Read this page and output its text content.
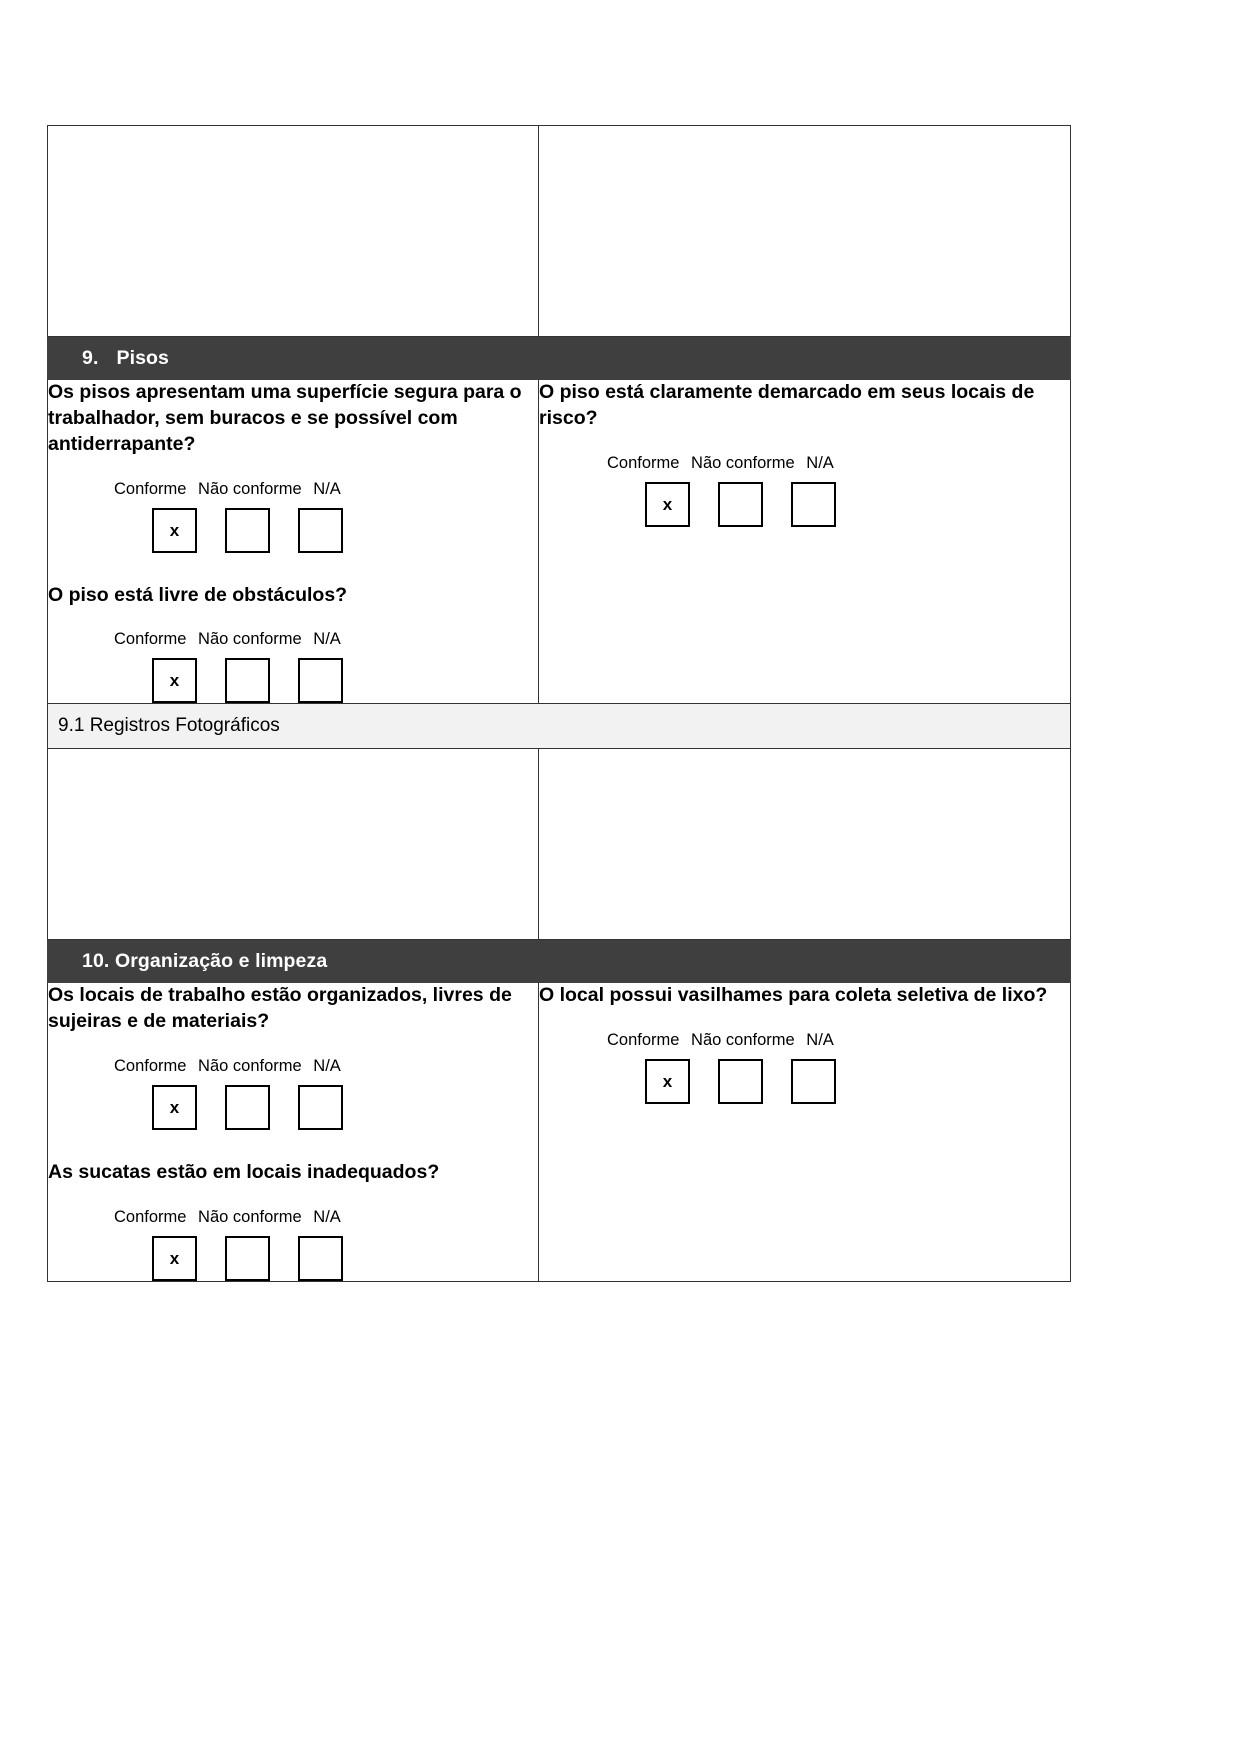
9. Pisos	

Os pisos apresentam uma superfície segura para o trabalhador, sem buracos e se possível com antiderrapante?

Conforme Não conforme N/A
x

O piso está livre de obstáculos?

Conforme Não conforme N/A
x

O piso está claramente demarcado em seus locais de risco?

Conforme Não conforme N/A
x

9.1 Registros Fotográficos	

10. Organização e limpeza	

Os locais de trabalho estão organizados, livres de sujeiras e de materiais?

Conforme Não conforme N/A
x

As sucatas estão em locais inadequados?

Conforme Não conforme N/A
x

O local possui vasilhames para coleta seletiva de lixo?

Conforme Não conforme N/A
x
